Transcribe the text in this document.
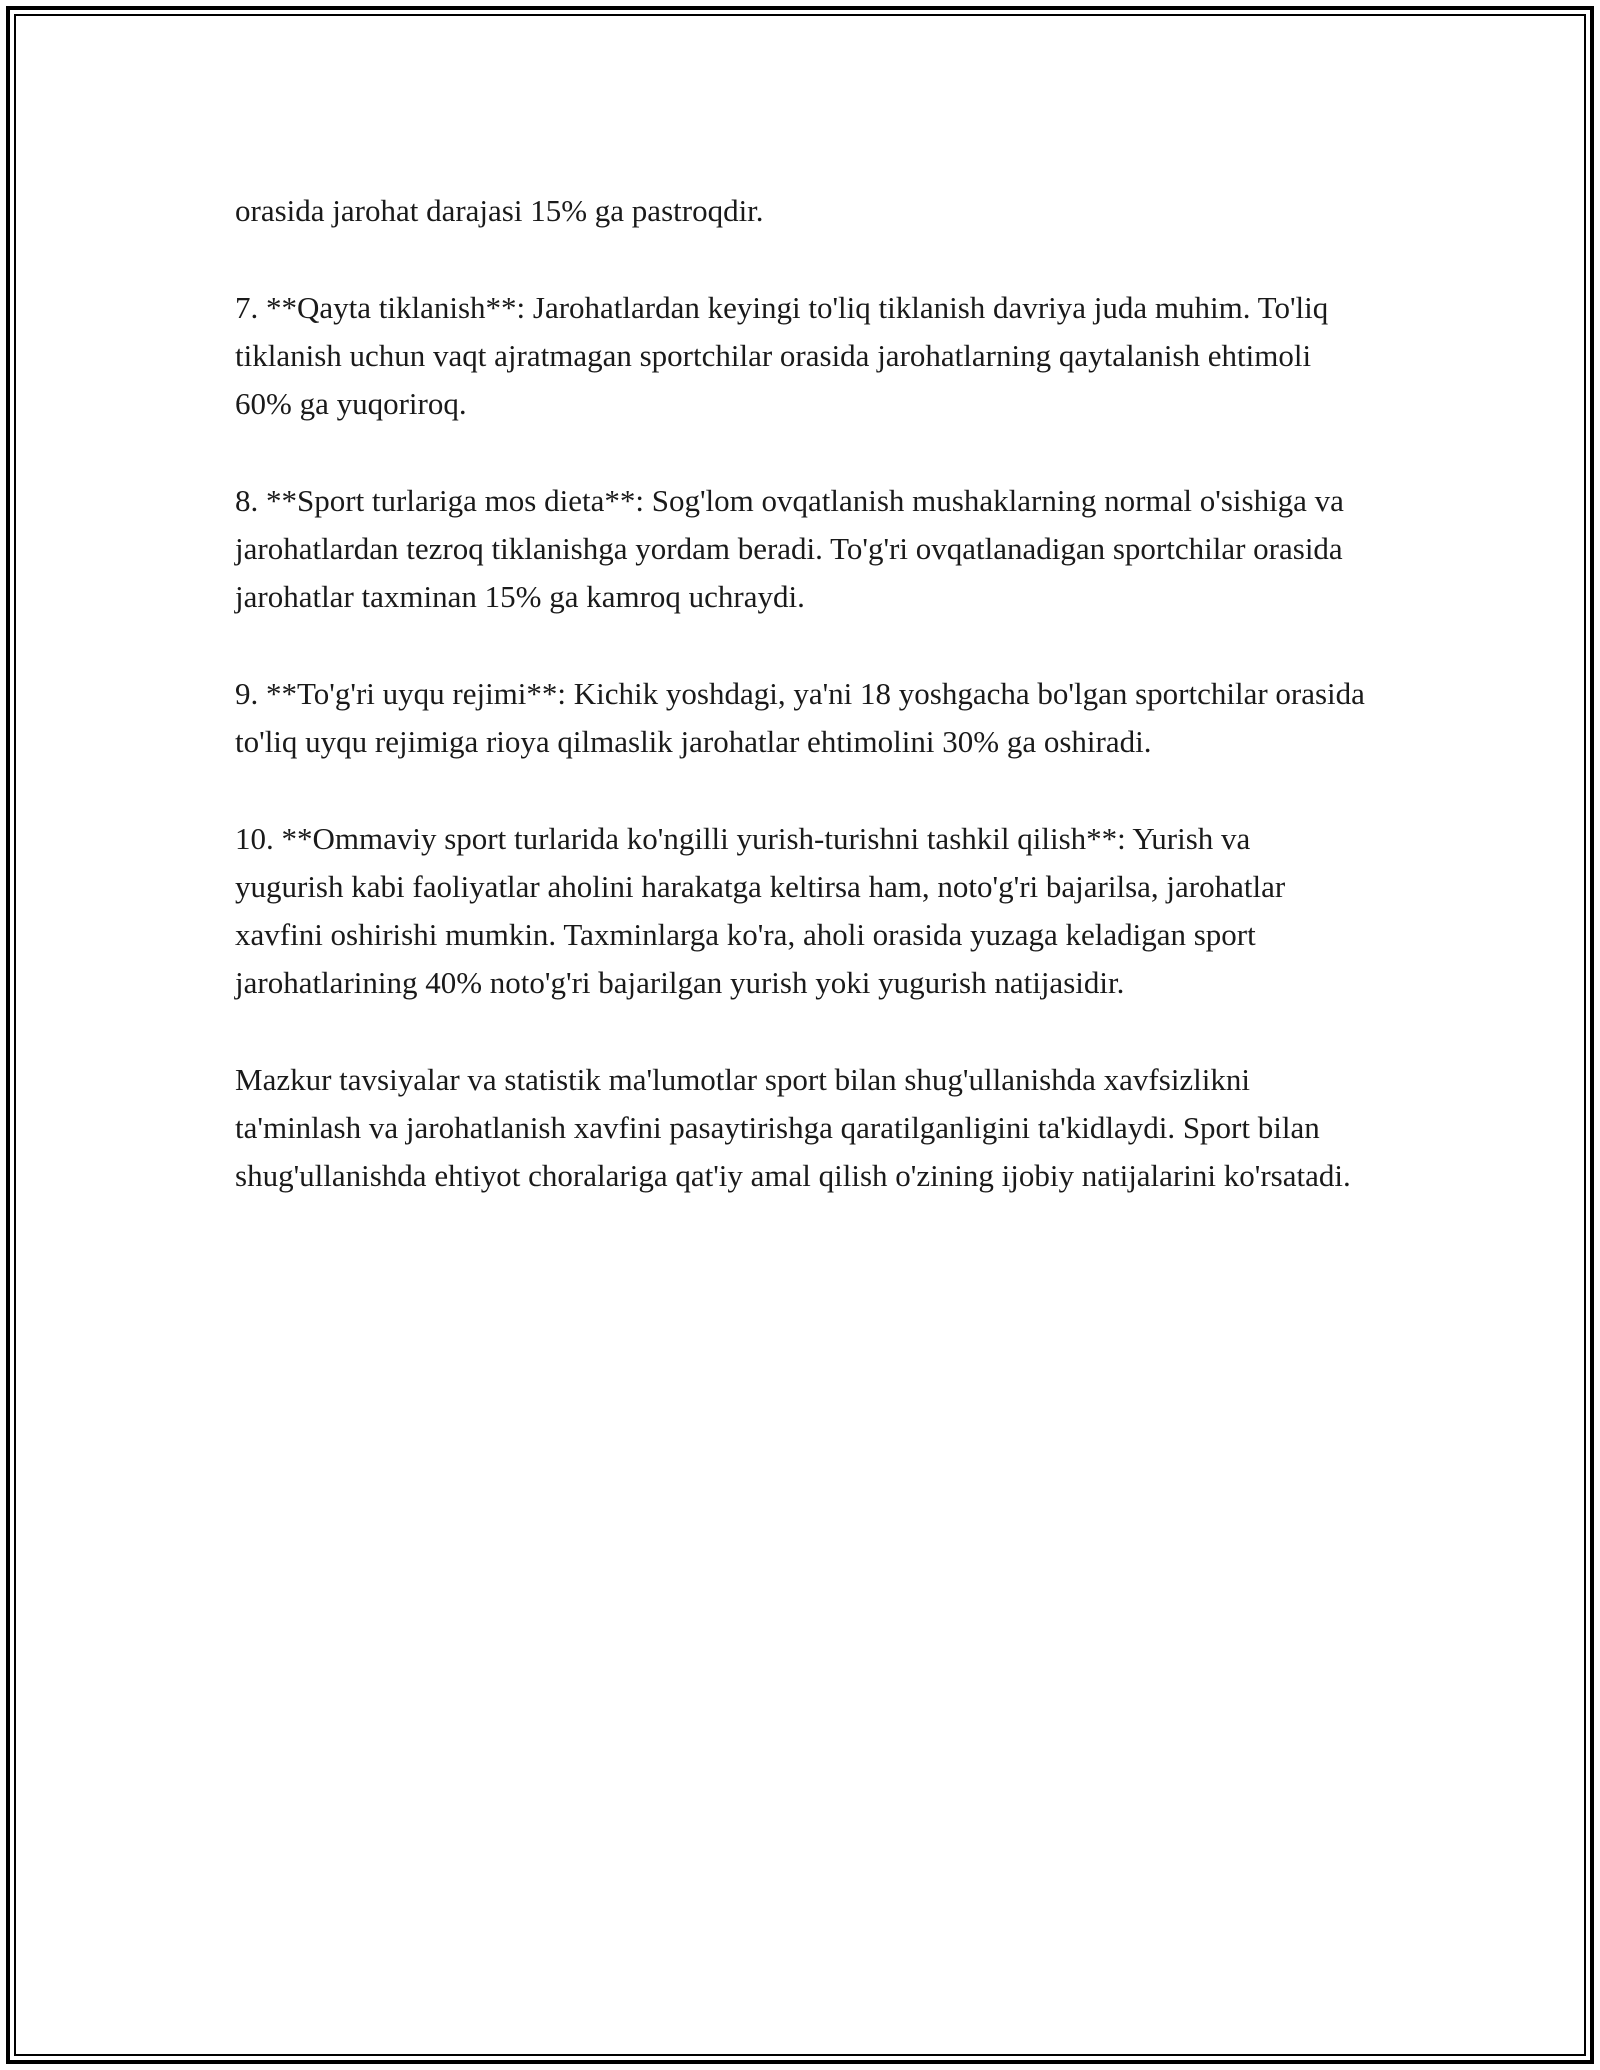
orasida jarohat darajasi 15% ga pastroqdir.

7. **Qayta tiklanish**: Jarohatlardan keyingi to'liq tiklanish davriya juda muhim. To'liq tiklanish uchun vaqt ajratmagan sportchilar orasida jarohatlarning qaytalanish ehtimoli 60% ga yuqoriroq.

8. **Sport turlariga mos dieta**: Sog'lom ovqatlanish mushaklarning normal o'sishiga va jarohatlardan tezroq tiklanishga yordam beradi. To'g'ri ovqatlanadigan sportchilar orasida jarohatlar taxminan 15% ga kamroq uchraydi.

9. **To'g'ri uyqu rejimi**: Kichik yoshdagi, ya'ni 18 yoshgacha bo'lgan sportchilar orasida to'liq uyqu rejimiga rioya qilmaslik jarohatlar ehtimolini 30% ga oshiradi.

10. **Ommaviy sport turlarida ko'ngilli yurish-turishni tashkil qilish**: Yurish va yugurish kabi faoliyatlar aholini harakatga keltirsa ham, noto'g'ri bajarilsa, jarohatlar xavfini oshirishi mumkin. Taxminlarga ko'ra, aholi orasida yuzaga keladigan sport jarohatlarining 40% noto'g'ri bajarilgan yurish yoki yugurish natijasidir.

Mazkur tavsiyalar va statistik ma'lumotlar sport bilan shug'ullanishda xavfsizlikni ta'minlash va jarohatlanish xavfini pasaytirishga qaratilganligini ta'kidlaydi. Sport bilan shug'ullanishda ehtiyot choralariga qat'iy amal qilish o'zining ijobiy natijalarini ko'rsatadi.
